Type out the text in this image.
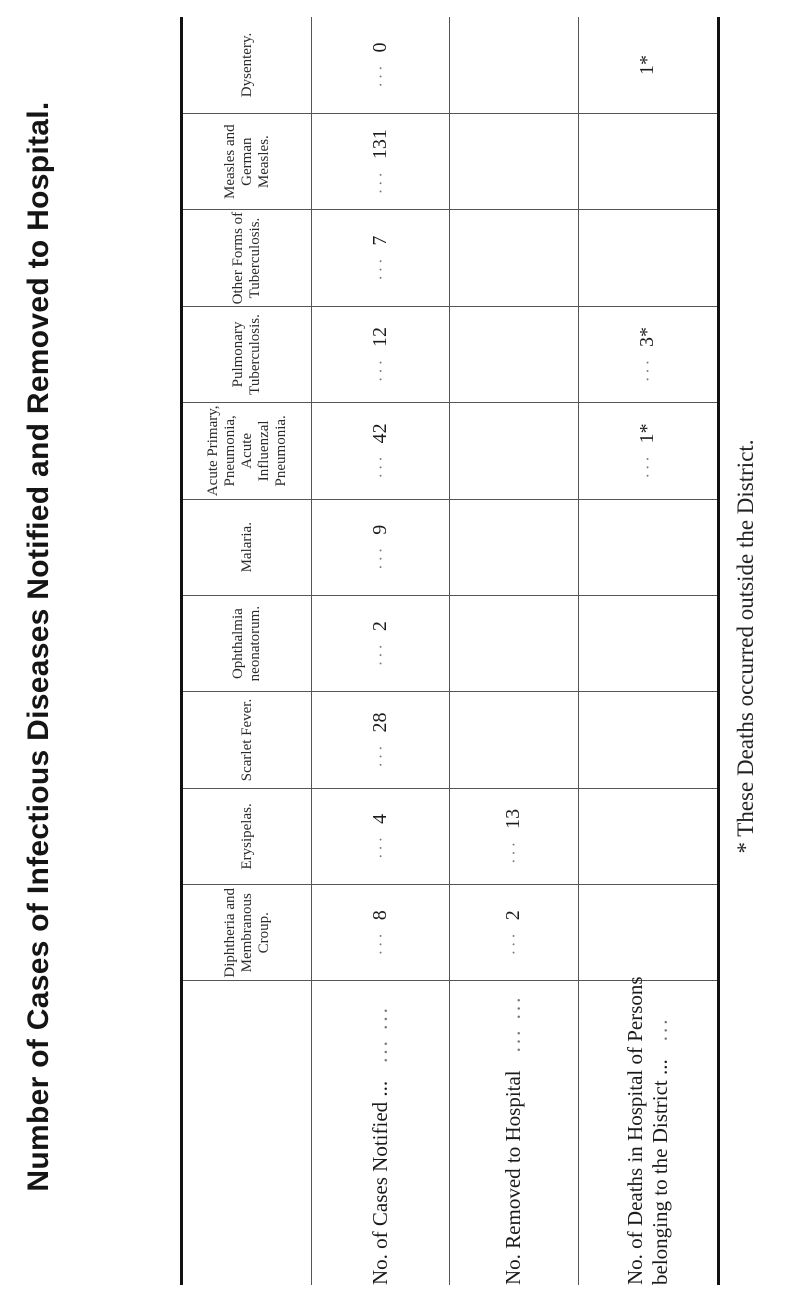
Number of Cases of Infectious Diseases Notified and Removed to Hospital.
		Diphtheria and Membranous Croup.	Erysipelas.	Scarlet Fever.	Ophthalmia neonatorum.	Malaria.	Acute Primary, Pneumonia, Acute Influenzal Pneumonia.	Pulmonary Tuberculosis.	Other Forms of Tuberculosis.	Measles and German Measles.	Dysentery.
No. of Cases Notified ...... ...	···  8	···  4	···  28	···  2	···  9	···  42	···  12	···  7	···  131	···  0
No. Removed to Hospital... ...	···  2	···  13								
No. of Deaths in Hospital of Persons
belonging to the District ......						···  1*	···  3*			1*
* These Deaths occurred outside the District.
